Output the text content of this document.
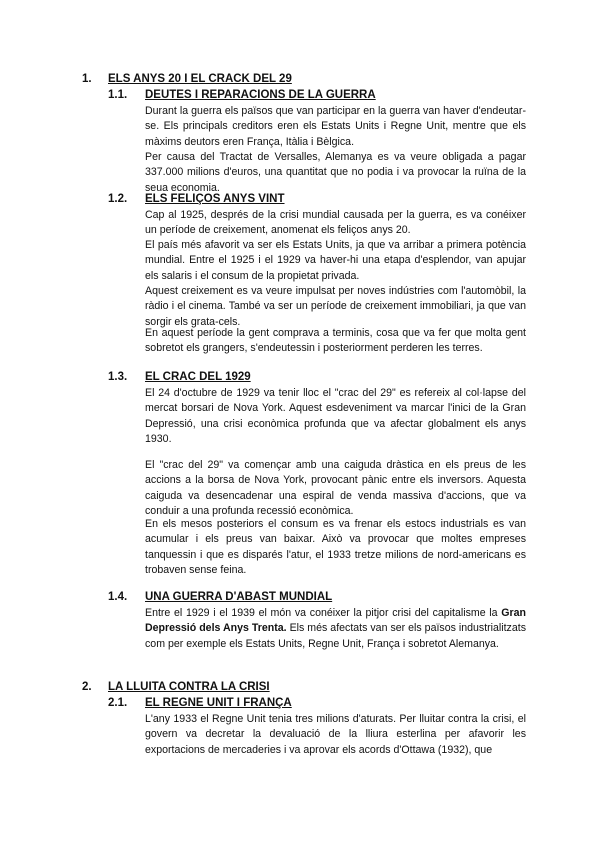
1. ELS ANYS 20 I EL CRACK DEL 29
1.1. DEUTES I REPARACIONS DE LA GUERRA

Durant la guerra els països que van participar en la guerra van haver d'endeutar-se. Els principals creditors eren els Estats Units i Regne Unit, mentre que els màxims deutors eren França, Itàlia i Bèlgica.

Per causa del Tractat de Versalles, Alemanya es va veure obligada a pagar 337.000 milions d'euros, una quantitat que no podia i va provocar la ruïna de la seua economia.

1.2. ELS FELIÇOS ANYS VINT

Cap al 1925, després de la crisi mundial causada per la guerra, es va conéixer un període de creixement, anomenat els feliços anys 20.

El país més afavorit va ser els Estats Units, ja que va arribar a primera potència mundial. Entre el 1925 i el 1929 va haver-hi una etapa d'esplendor, van apujar els salaris i el consum de la propietat privada.

Aquest creixement es va veure impulsat per noves indústries com l'automòbil, la ràdio i el cinema. També va ser un període de creixement immobiliari, ja que van sorgir els grata-cels.

En aquest període la gent comprava a terminis, cosa que va fer que molta gent sobretot els grangers, s'endeutessin i posteriorment perderen les terres.

1.3. EL CRAC DEL 1929

El 24 d'octubre de 1929 va tenir lloc el "crac del 29" es refereix al col·lapse del mercat borsari de Nova York. Aquest esdeveniment va marcar l'inici de la Gran Depressió, una crisi econòmica profunda que va afectar globalment els anys 1930.

El "crac del 29" va començar amb una caiguda dràstica en els preus de les accions a la borsa de Nova York, provocant pànic entre els inversors. Aquesta caiguda va desencadenar una espiral de venda massiva d'accions, que va conduir a una profunda recessió econòmica.

En els mesos posteriors el consum es va frenar els estocs industrials es van acumular i els preus van baixar. Això va provocar que moltes empreses tanquessin i que es disparés l'atur, el 1933 tretze milions de nord-americans es trobaven sense feina.

1.4. UNA GUERRA D'ABAST MUNDIAL

Entre el 1929 i el 1939 el món va conéixer la pitjor crisi del capitalisme la Gran Depressió dels Anys Trenta. Els més afectats van ser els països industrialitzats com per exemple els Estats Units, Regne Unit, França i sobretot Alemanya.

2. LA LLUITA CONTRA LA CRISI
2.1. EL REGNE UNIT I FRANÇA

L'any 1933 el Regne Unit tenia tres milions d'aturats. Per lluitar contra la crisi, el govern va decretar la devaluació de la lliura esterlina per afavorir les exportacions de mercaderies i va aprovar els acords d'Ottawa (1932), que
